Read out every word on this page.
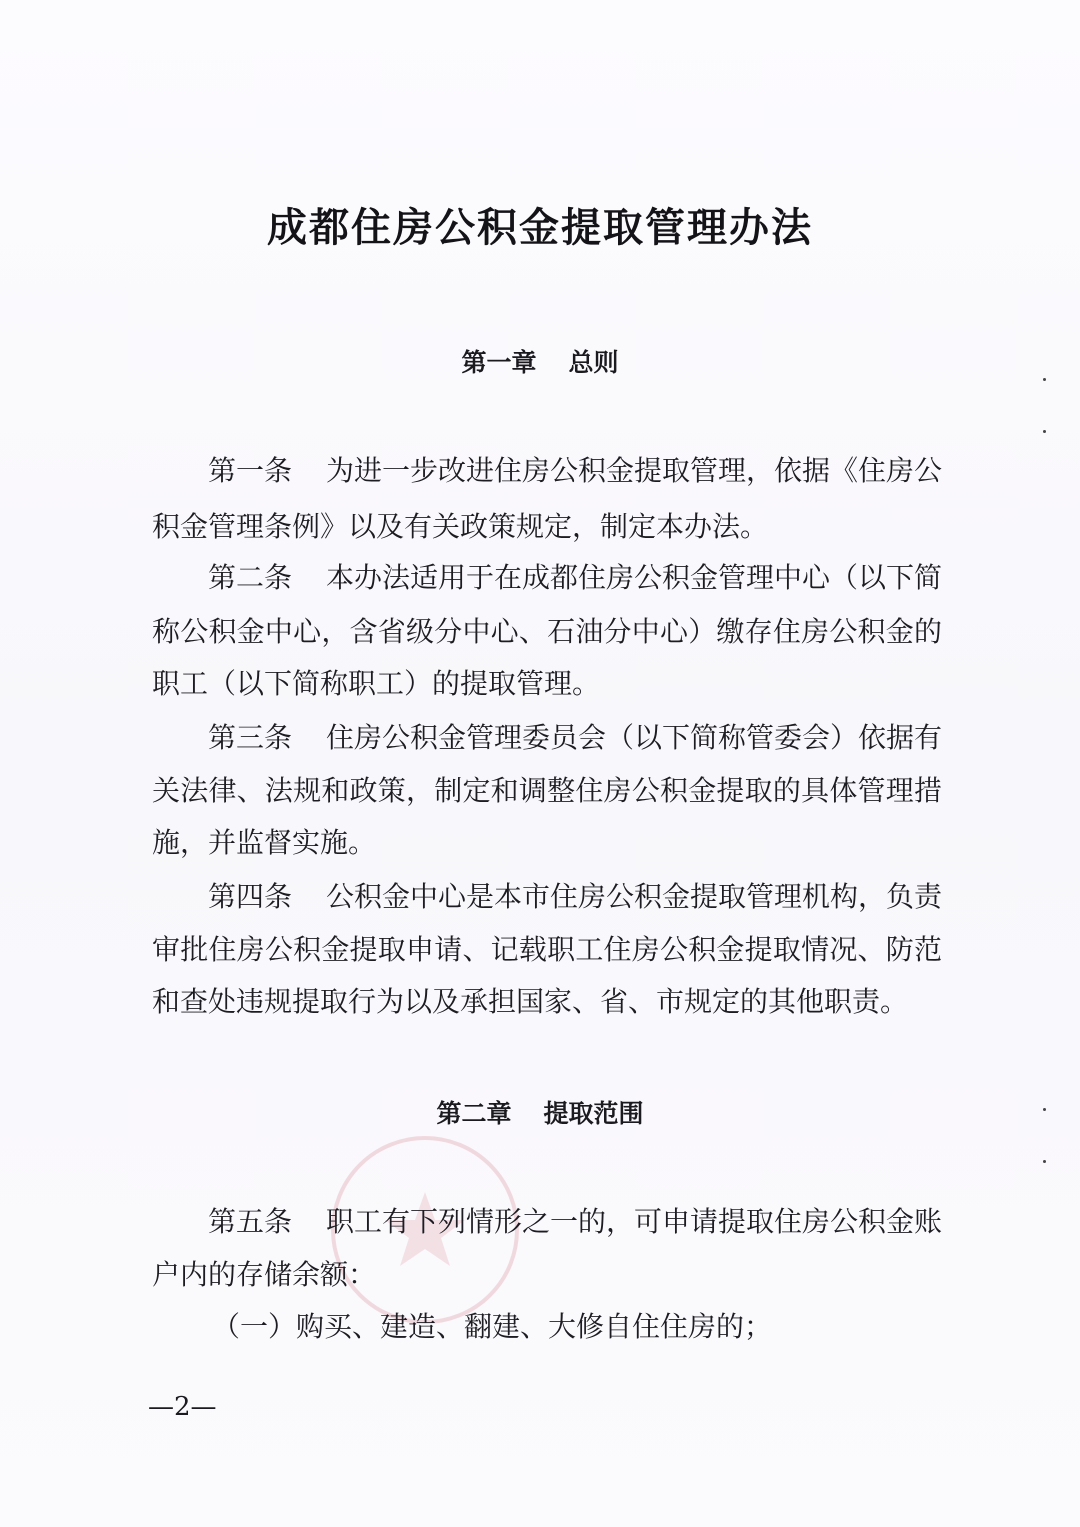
成都住房公积金提取管理办法
第一章 总则
第一条 为进一步改进住房公积金提取管理，依据《住房公
积金管理条例》以及有关政策规定，制定本办法。
第二条 本办法适用于在成都住房公积金管理中心（以下简
称公积金中心，含省级分中心、石油分中心）缴存住房公积金的
职工（以下简称职工）的提取管理。
第三条 住房公积金管理委员会（以下简称管委会）依据有
关法律、法规和政策，制定和调整住房公积金提取的具体管理措
施，并监督实施。
第四条 公积金中心是本市住房公积金提取管理机构，负责
审批住房公积金提取申请、记载职工住房公积金提取情况、防范
和查处违规提取行为以及承担国家、省、市规定的其他职责。
第二章 提取范围
第五条 职工有下列情形之一的，可申请提取住房公积金账
户内的存储余额：
（一）购买、建造、翻建、大修自住住房的；
—2—
